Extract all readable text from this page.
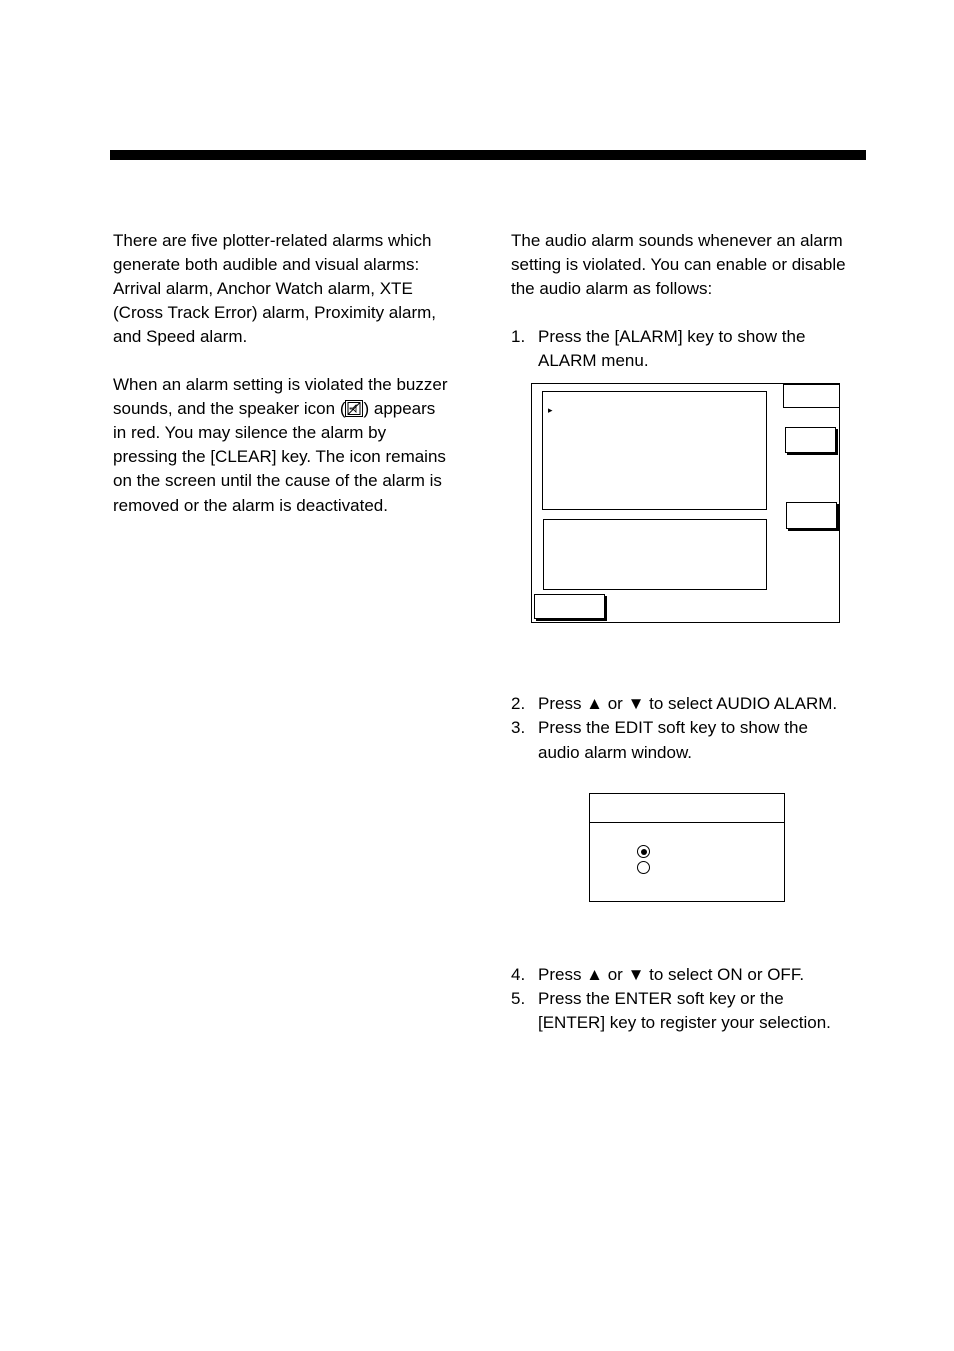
There are five plotter-related alarms which
generate both audible and visual alarms:
Arrival alarm, Anchor Watch alarm, XTE
(Cross Track Error) alarm, Proximity alarm,
and Speed alarm.
When an alarm setting is violated the buzzer
sounds, and the speaker icon ( ) appears
in red. You may silence the alarm by
pressing the [CLEAR] key. The icon remains
on the screen until the cause of the alarm is
removed or the alarm is deactivated.
The audio alarm sounds whenever an alarm
setting is violated. You can enable or disable
the audio alarm as follows:
1. Press the [ALARM] key to show the
ALARM menu.
▸
2. Press ▲ or ▼ to select AUDIO ALARM.
3. Press the EDIT soft key to show the
audio alarm window.
4. Press ▲ or ▼ to select ON or OFF.
5. Press the ENTER soft key or the
[ENTER] key to register your selection.
